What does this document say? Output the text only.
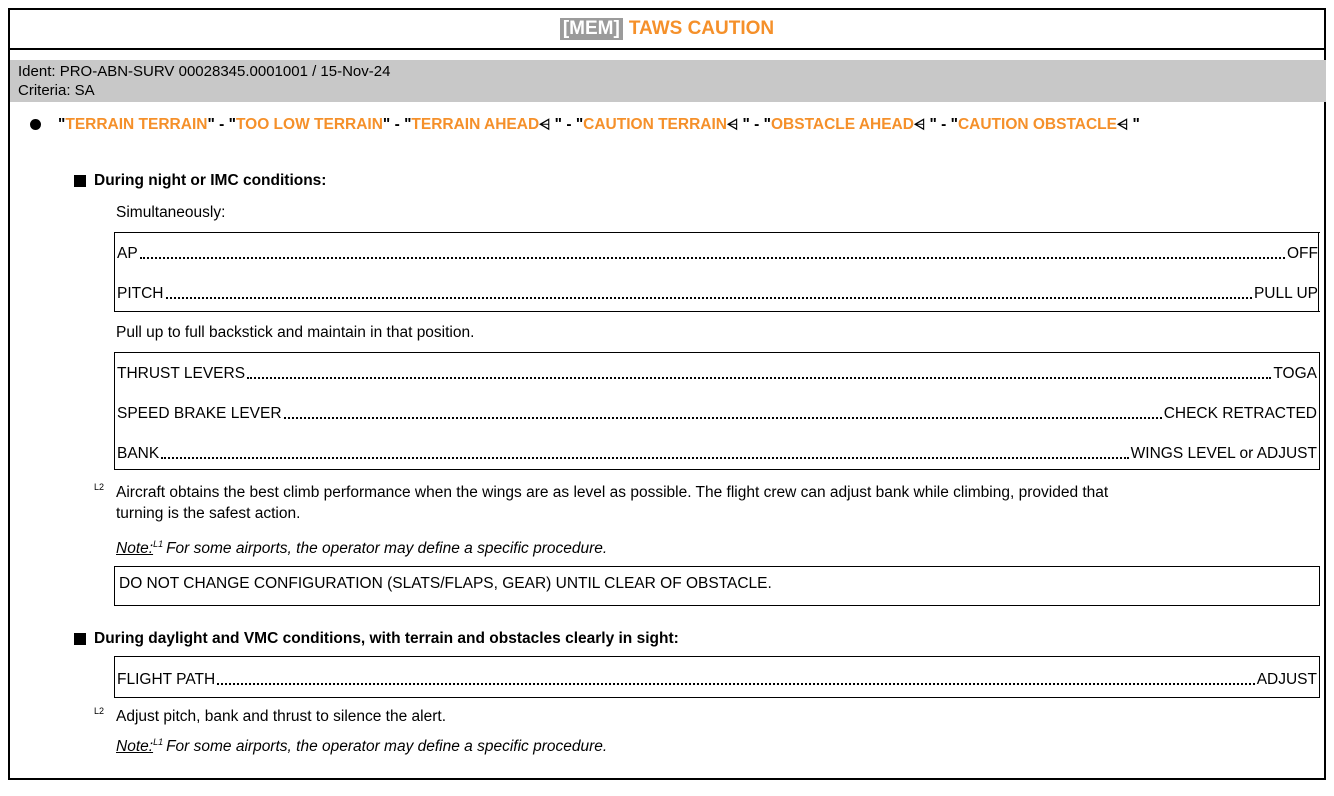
[MEM] TAWS CAUTION
Ident: PRO-ABN-SURV 00028345.0001001 / 15-Nov-24
Criteria: SA
"TERRAIN TERRAIN" - "TOO LOW TERRAIN" - "TERRAIN AHEAD⩤ " - "CAUTION TERRAIN⩤ " - "OBSTACLE AHEAD⩤ " - "CAUTION OBSTACLE⩤ "
During night or IMC conditions:
Simultaneously:
AP	OFF
PITCH	PULL UP
Pull up to full backstick and maintain in that position.
THRUST LEVERS	TOGA
SPEED BRAKE LEVER	CHECK RETRACTED
BANK	WINGS LEVEL or ADJUST
L2 Aircraft obtains the best climb performance when the wings are as level as possible. The flight crew can adjust bank while climbing, provided that
turning is the safest action.
Note:$^{L1}$ For some airports, the operator may define a specific procedure.
DO NOT CHANGE CONFIGURATION (SLATS/FLAPS, GEAR) UNTIL CLEAR OF OBSTACLE.
During daylight and VMC conditions, with terrain and obstacles clearly in sight:
FLIGHT PATH	ADJUST
L2 Adjust pitch, bank and thrust to silence the alert.
Note:$^{L1}$ For some airports, the operator may define a specific procedure.
